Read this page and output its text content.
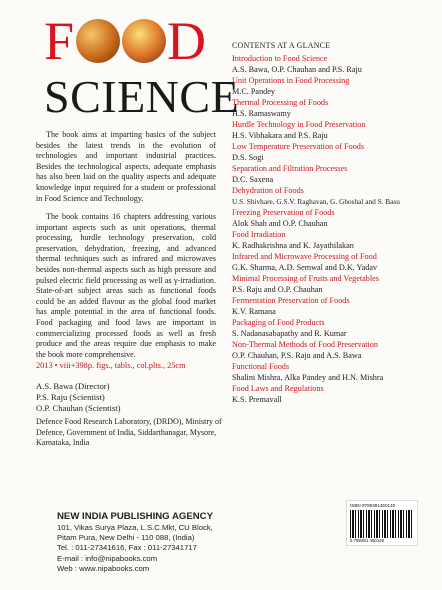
F D
SCIENCE
The book aims at imparting basics of the subject besides the latest trends in the evolution of technologies and important industrial practices. Besides the technological aspects, adequate emphasis has also been laid on the quality aspects and adequate knowledge input required for a student or professional in Food Science and Technology.
The book contains 16 chapters addressing various important aspects such as unit operations, thermal processing, hurdle technology preservation, cold preservation, dehydration, freezing, and advanced thermal techniques such as infrared and microwaves besides non-thermal aspects such as high pressure and pulsed electric field processing as well as γ-irradiation. State-of-art subject areas such as functional foods could be an added flavour as the global food market has ample potential in the area of functional foods. Food packaging and food laws are important in commercializing processed foods as well as fresh produce and the areas require due emphasis to make the book more comprehensive.
2013 • viii+398p. figs., tabls., col.plts., 25cm
A.S. Bawa (Director)
P.S. Raju (Scientist)
O.P. Chauhan (Scientist)
Defence Food Research Laboratory, (DRDO), Ministry of Defence, Government of India, Siddarthanagar, Mysore, Karnataka, India
NEW INDIA PUBLISHING AGENCY
101, Vikas Surya Plaza, L.S.C.Mkt, CU Block,
Pitam Pura, New Delhi - 110 088, (India)
Tel. : 011-27341616, Fax : 011-27341717
E-mail : info@nipabooks.com
Web : www.nipabooks.com
CONTENTS AT A GLANCE
Introduction to Food Science
A.S. Bawa, O.P. Chauhan and P.S. Raju
Unit Operations in Food Processing
M.C. Pandey
Thermal Processing of Foods
H.S. Ramaswamy
Hurdle Technology in Food Preservation
H.S. Vibhakara and P.S. Raju
Low Temperature Preservation of Foods
D.S. Sogi
Separation and Filtration Processes
D.C. Saxena
Dehydration of Foods
U.S. Shivhare, G.S.V. Raghavan, G. Ghoshal and S. Basu
Freezing Preservation of Foods
Alok Shah and O.P. Chauhan
Food Irradiation
K. Radhakrishna and K. Jayathilakan
Infrared and Microwave Processing of Food
G.K. Sharma, A.D. Semwal and D.K. Yadav
Minimal Processing of Fruits and Vegetables
P.S. Raju and O.P. Chauhan
Fermentation Preservation of Foods
K.V. Ramana
Packaging of Food Products
S. Nadanasabapathy and R. Kumar
Non-Thermal Methods of Food Preservation
O.P. Chauhan, P.S. Raju and A.S. Bawa
Functional Foods
Shalini Mishra, Alka Pandey and H.N. Mishra
Food Laws and Regulations
K.S. Premavall
ISBN 9789381450140
9 789381 450140
